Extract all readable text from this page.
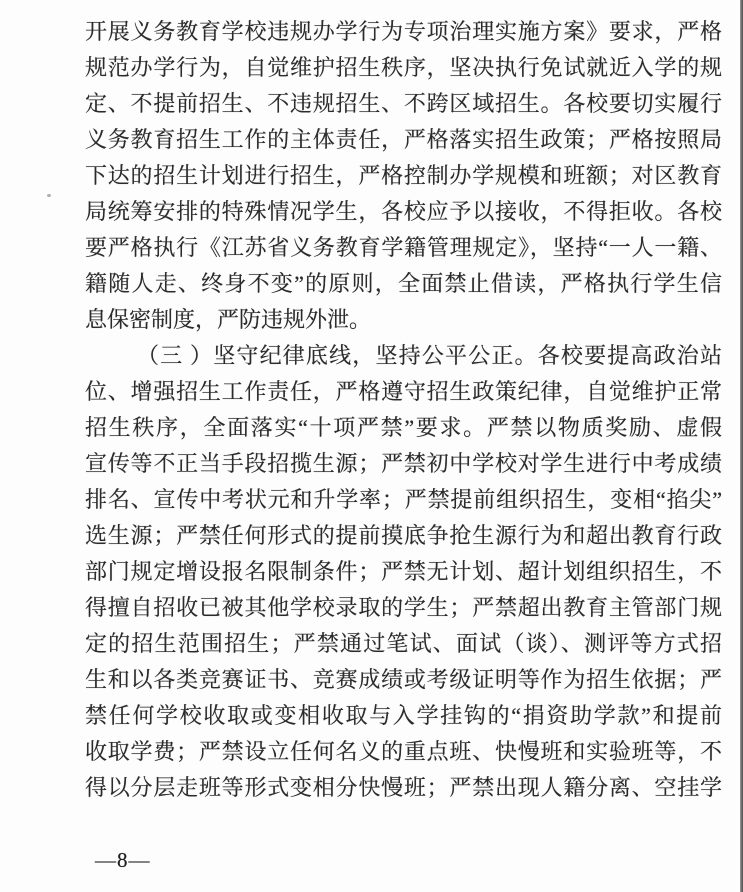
开展义务教育学校违规办学行为专项治理实施方案》要求，严格
规范办学行为，自觉维护招生秩序，坚决执行免试就近入学的规
定、不提前招生、不违规招生、不跨区域招生。各校要切实履行
义务教育招生工作的主体责任，严格落实招生政策；严格按照局
下达的招生计划进行招生，严格控制办学规模和班额；对区教育
局统筹安排的特殊情况学生，各校应予以接收，不得拒收。各校
要严格执行《江苏省义务教育学籍管理规定》，坚持“一人一籍、
籍随人走、终身不变”的原则，全面禁止借读，严格执行学生信
息保密制度，严防违规外泄。
（三 ）坚守纪律底线，坚持公平公正。各校要提高政治站
位、增强招生工作责任，严格遵守招生政策纪律，自觉维护正常
招生秩序，全面落实“十项严禁”要求。严禁以物质奖励、虚假
宣传等不正当手段招揽生源；严禁初中学校对学生进行中考成绩
排名、宣传中考状元和升学率；严禁提前组织招生，变相“掐尖”
选生源；严禁任何形式的提前摸底争抢生源行为和超出教育行政
部门规定增设报名限制条件；严禁无计划、超计划组织招生，不
得擅自招收已被其他学校录取的学生；严禁超出教育主管部门规
定的招生范围招生；严禁通过笔试、面试（谈）、测评等方式招
生和以各类竞赛证书、竞赛成绩或考级证明等作为招生依据；严
禁任何学校收取或变相收取与入学挂钩的“捐资助学款”和提前
收取学费；严禁设立任何名义的重点班、快慢班和实验班等，不
得以分层走班等形式变相分快慢班；严禁出现人籍分离、空挂学
—8—
